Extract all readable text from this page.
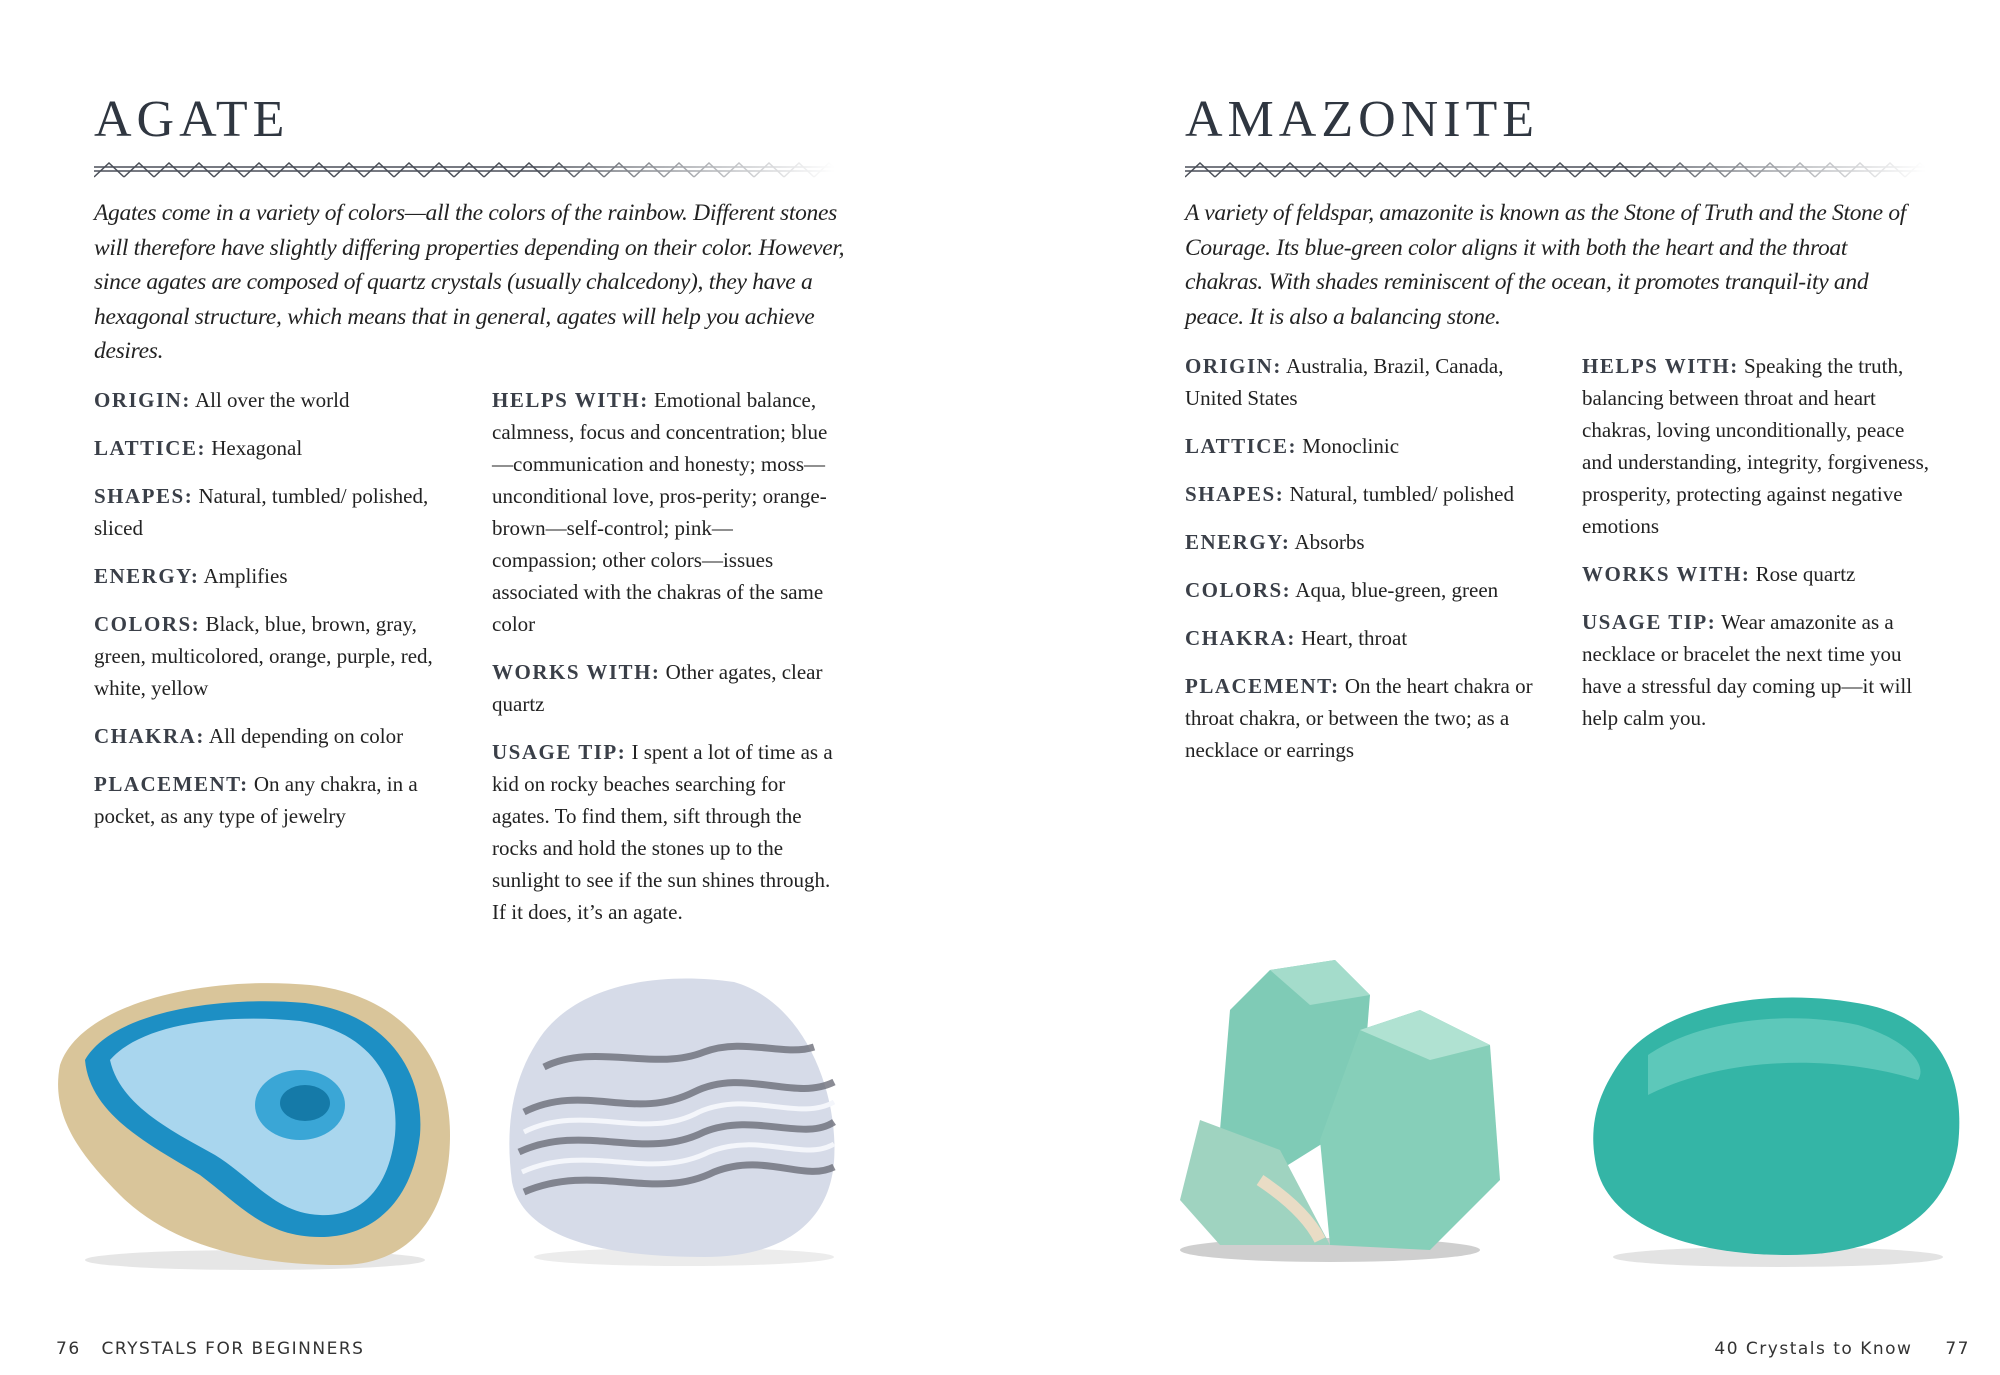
AGATE

Agates come in a variety of colors—all the colors of the rainbow. Different stones will therefore have slightly differing properties depending on their color. However, since agates are composed of quartz crystals (usually chalcedony), they have a hexagonal structure, which means that in general, agates will help you achieve desires.

ORIGIN: All over the world

LATTICE: Hexagonal

SHAPES: Natural, tumbled/ polished, sliced

ENERGY: Amplifies

COLORS: Black, blue, brown, gray, green, multicolored, orange, purple, red, white, yellow

CHAKRA: All depending on color

PLACEMENT: On any chakra, in a pocket, as any type of jewelry

HELPS WITH: Emotional balance, calmness, focus and concentration; blue—communication and honesty; moss—unconditional love, pros-perity; orange-brown—self-control; pink—compassion; other colors—issues associated with the chakras of the same color

WORKS WITH: Other agates, clear quartz

USAGE TIP: I spent a lot of time as a kid on rocky beaches searching for agates. To find them, sift through the rocks and hold the stones up to the sunlight to see if the sun shines through. If it does, it’s an agate.

76 CRYSTALS FOR BEGINNERS
AMAZONITE

A variety of feldspar, amazonite is known as the Stone of Truth and the Stone of Courage. Its blue-green color aligns it with both the heart and the throat chakras. With shades reminiscent of the ocean, it promotes tranquil-ity and peace. It is also a balancing stone.

ORIGIN: Australia, Brazil, Canada, United States

LATTICE: Monoclinic

SHAPES: Natural, tumbled/ polished

ENERGY: Absorbs

COLORS: Aqua, blue-green, green

CHAKRA: Heart, throat

PLACEMENT: On the heart chakra or throat chakra, or between the two; as a necklace or earrings

HELPS WITH: Speaking the truth, balancing between throat and heart chakras, loving unconditionally, peace and understanding, integrity, forgiveness, prosperity, protecting against negative emotions

WORKS WITH: Rose quartz

USAGE TIP: Wear amazonite as a necklace or bracelet the next time you have a stressful day coming up—it will help calm you.

40 Crystals to Know 77
